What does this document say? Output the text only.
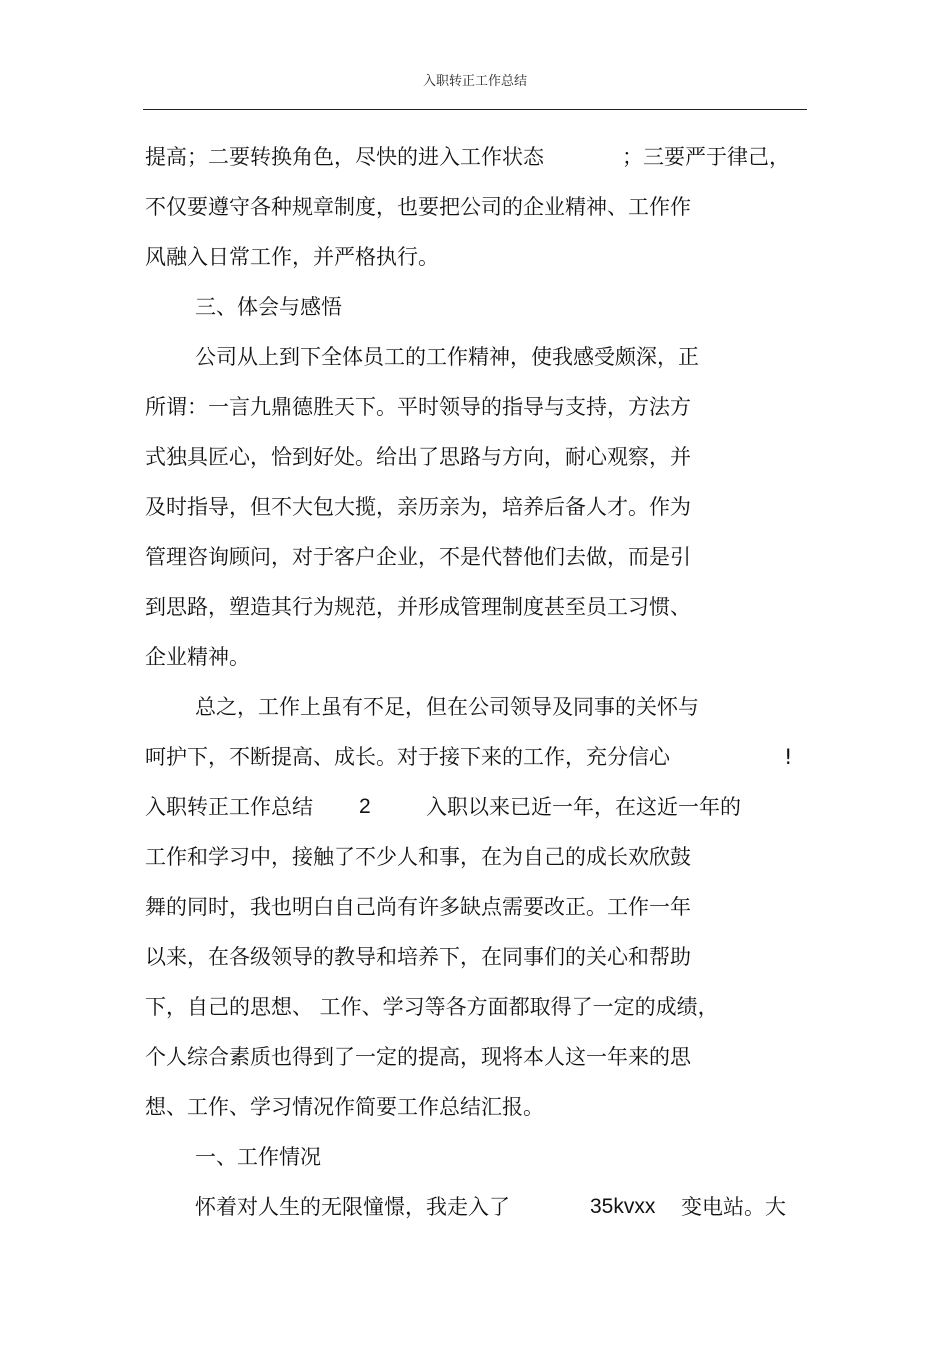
入职转正工作总结
提高；二要转换角色，尽快的进入工作状态	；三要严于律己，
不仅要遵守各种规章制度，也要把公司的企业精神、工作作
风融入日常工作，并严格执行。
三、体会与感悟
公司从上到下全体员工的工作精神，使我感受颇深，正
所谓：一言九鼎德胜天下。平时领导的指导与支持，方法方
式独具匠心，恰到好处。给出了思路与方向，耐心观察，并
及时指导，但不大包大揽，亲历亲为，培养后备人才。作为
管理咨询顾问，对于客户企业，不是代替他们去做，而是引
到思路，塑造其行为规范，并形成管理制度甚至员工习惯、
企业精神。
总之，工作上虽有不足，但在公司领导及同事的关怀与
呵护下，不断提高、成长。对于接下来的工作，充分信心	!
入职转正工作总结 2	入职以来已近一年，在这近一年的
工作和学习中，接触了不少人和事，在为自己的成长欢欣鼓
舞的同时，我也明白自己尚有许多缺点需要改正。工作一年
以来，在各级领导的教导和培养下，在同事们的关心和帮助
下，自己的思想、 工作、学习等各方面都取得了一定的成绩，
个人综合素质也得到了一定的提高，现将本人这一年来的思
想、工作、学习情况作简要工作总结汇报。
一、工作情况
怀着对人生的无限憧憬，我走入了	35kvxx 变电站。大
